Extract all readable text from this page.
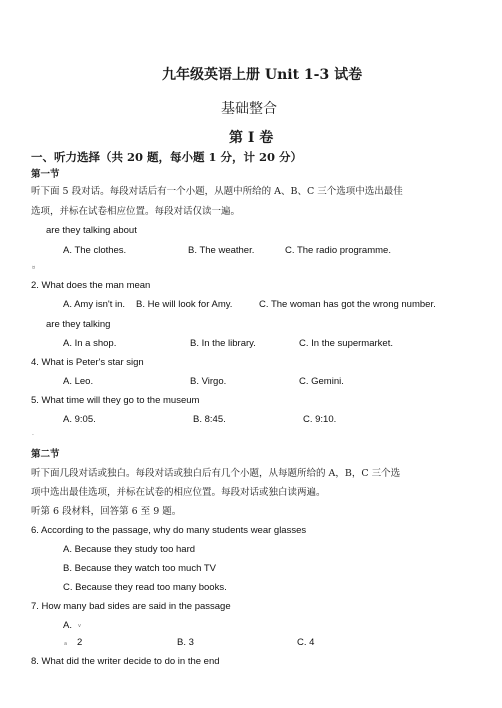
九年级英语上册 Unit 1-3 试卷
基础整合
第 I 卷
一、听力选择（共 20 题，每小题 1 分，计 20 分）
第一节
听下面 5 段对话。每段对话后有一个小题，从题中所给的 A、B、C 三个选项中选出最佳
选项，并标在试卷相应位置。每段对话仅读一遍。
are they talking about
A. The clothes.	B. The weather.	C. The radio programme.
¤
2. What does the man mean
A. Amy isn't in. B. He will look for Amy.	C. The woman has got the wrong number.
are they talking
A. In a shop.	B. In the library.	C. In the supermarket.
4. What is Peter's star sign
A. Leo.	B. Virgo.	C. Gemini.
5. What time will they go to the museum
A. 9:05.	B. 8:45.	C. 9:10.
-
第二节
听下面几段对话或独白。每段对话或独白后有几个小题，从每题所给的 A，B，C 三个选
项中选出最佳选项，并标在试卷的相应位置。每段对话或独白读两遍。
听第 6 段材料，回答第 6 至 9 题。
6. According to the passage, why do many students wear glasses
A. Because they study too hard
B. Because they watch too much TV
C. Because they read too many books.
7. How many bad sides are said in the passage
A. v
a 2	B. 3	C. 4
8. What did the writer decide to do in the end
